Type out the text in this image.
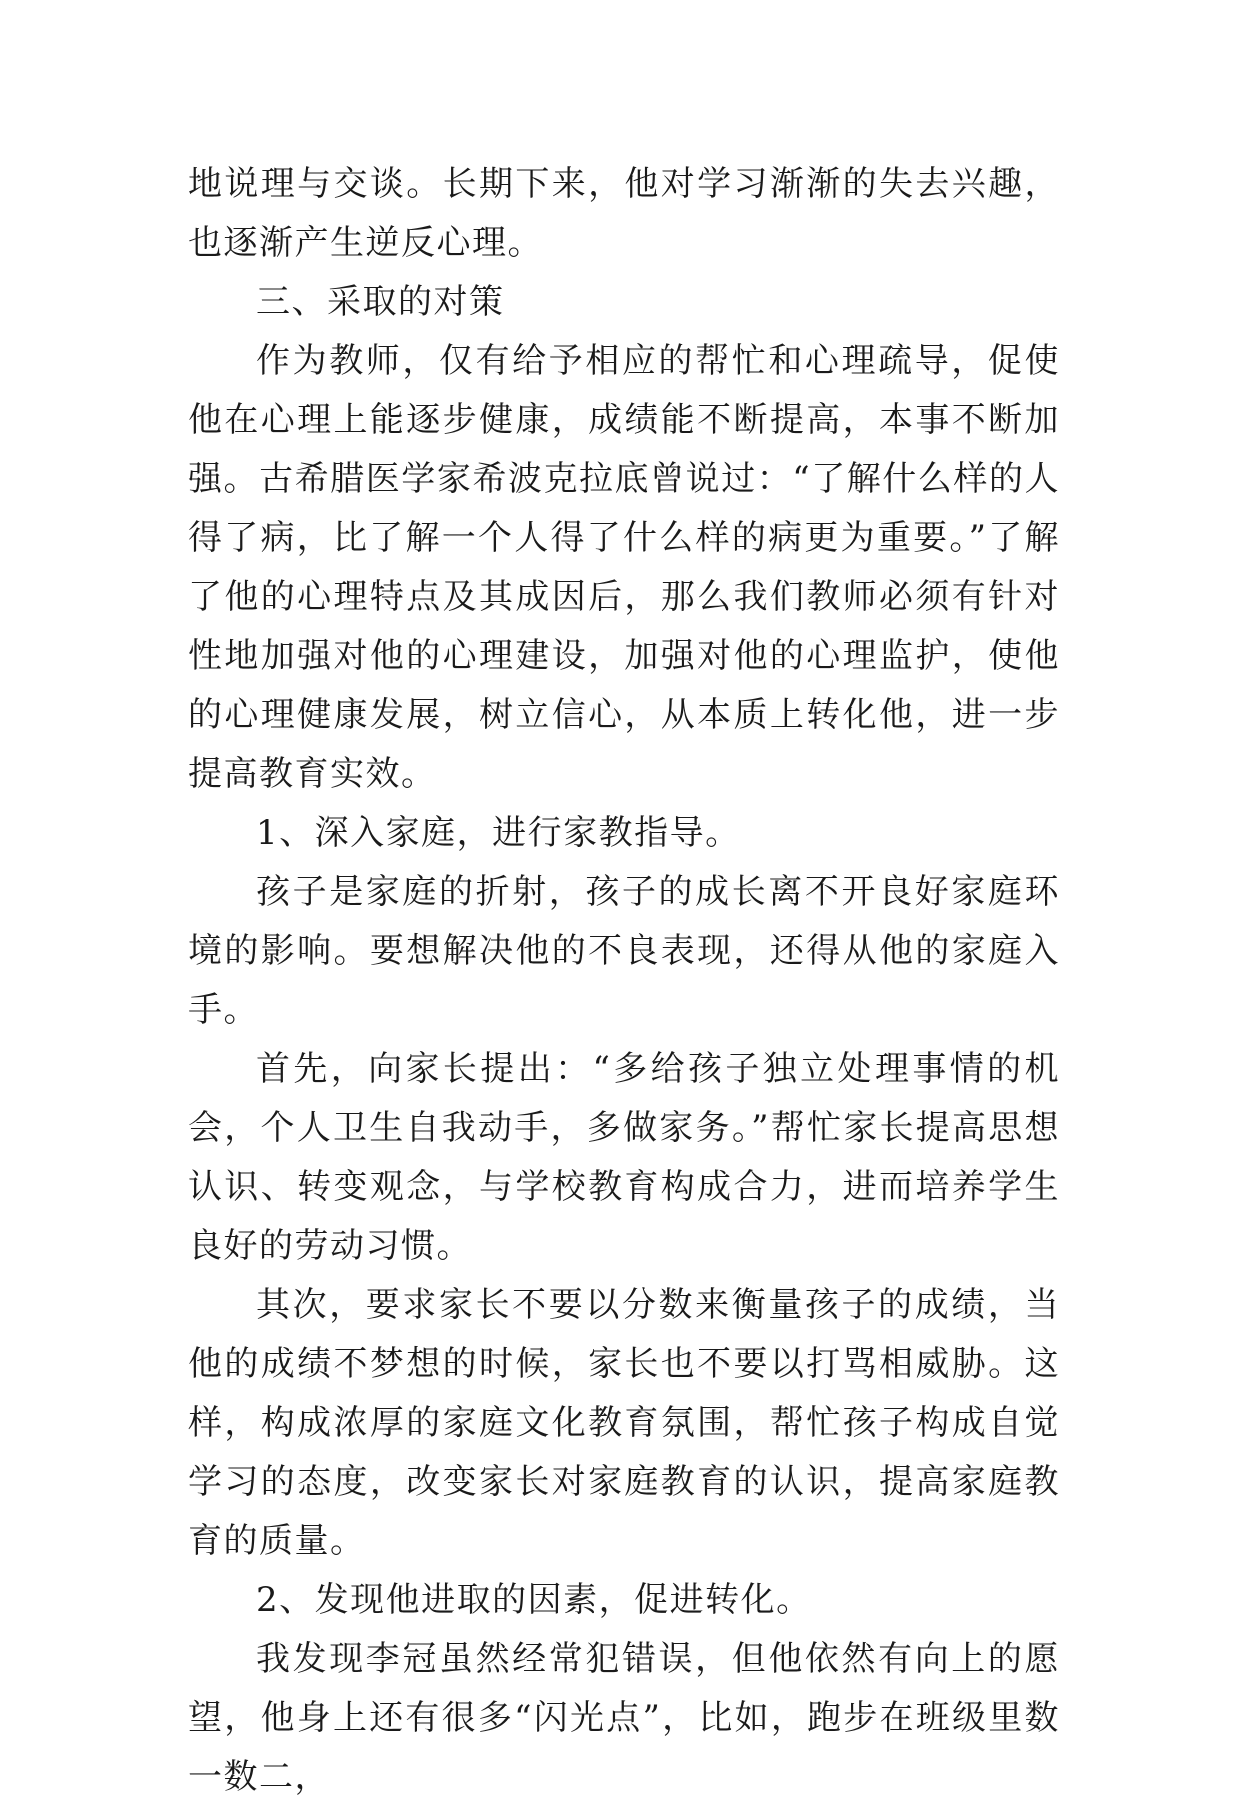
地说理与交谈。长期下来，他对学习渐渐的失去兴趣，也逐渐产生逆反心理。

三、采取的对策

作为教师，仅有给予相应的帮忙和心理疏导，促使他在心理上能逐步健康，成绩能不断提高，本事不断加强。古希腊医学家希波克拉底曾说过：“了解什么样的人得了病，比了解一个人得了什么样的病更为重要。”了解了他的心理特点及其成因后，那么我们教师必须有针对性地加强对他的心理建设，加强对他的心理监护，使他的心理健康发展，树立信心，从本质上转化他，进一步提高教育实效。

1、深入家庭，进行家教指导。

孩子是家庭的折射，孩子的成长离不开良好家庭环境的影响。要想解决他的不良表现，还得从他的家庭入手。

首先，向家长提出：“多给孩子独立处理事情的机会，个人卫生自我动手，多做家务。”帮忙家长提高思想认识、转变观念，与学校教育构成合力，进而培养学生良好的劳动习惯。

其次，要求家长不要以分数来衡量孩子的成绩，当他的成绩不梦想的时候，家长也不要以打骂相威胁。这样，构成浓厚的家庭文化教育氛围，帮忙孩子构成自觉学习的态度，改变家长对家庭教育的认识，提高家庭教育的质量。

2、发现他进取的因素，促进转化。

我发现李冠虽然经常犯错误，但他依然有向上的愿望，他身上还有很多“闪光点”，比如，跑步在班级里数一数二，
